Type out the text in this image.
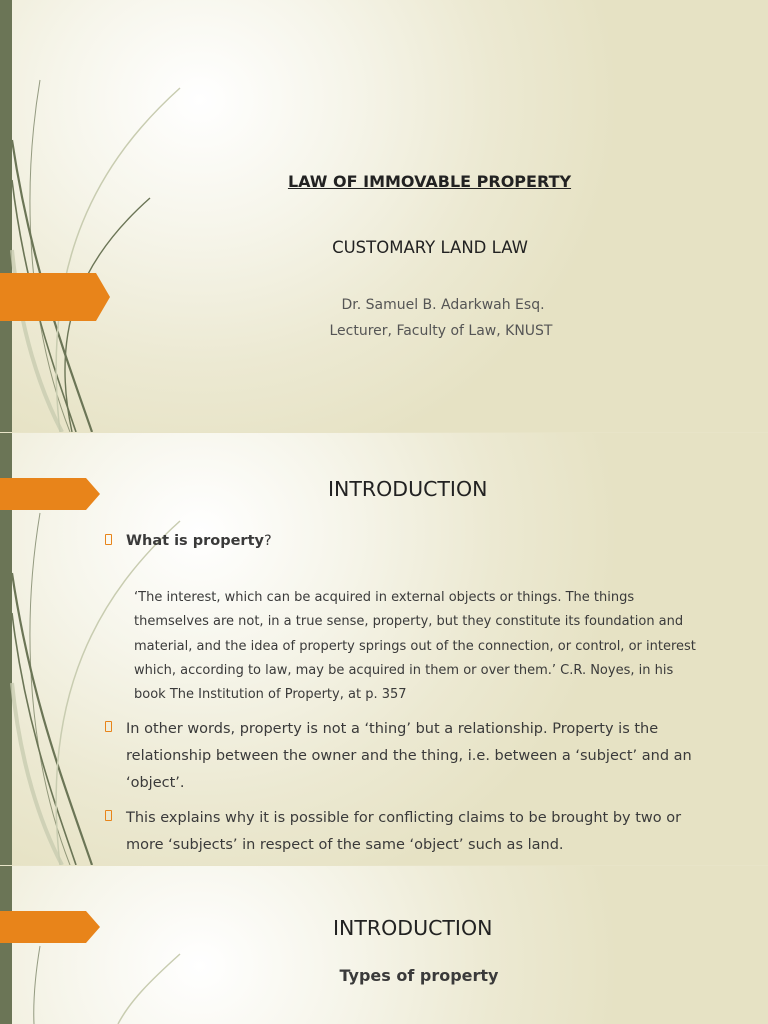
LAW OF IMMOVABLE PROPERTY
CUSTOMARY LAND LAW
Dr. Samuel B. Adarkwah Esq.
Lecturer, Faculty of Law, KNUST
INTRODUCTION
What is property?
‘The interest, which can be acquired in external objects or things. The things
themselves are not, in a true sense, property, but they constitute its foundation and
material, and the idea of property springs out of the connection, or control, or interest
which, according to law, may be acquired in them or over them.’ C.R. Noyes, in his
book The Institution of Property, at p. 357
In other words, property is not a ‘thing’ but a relationship. Property is the
relationship between the owner and the thing, i.e. between a ‘subject’ and an
‘object’.
This explains why it is possible for conflicting claims to be brought by two or
more ‘subjects’ in respect of the same ‘object’ such as land.
INTRODUCTION
Types of property
